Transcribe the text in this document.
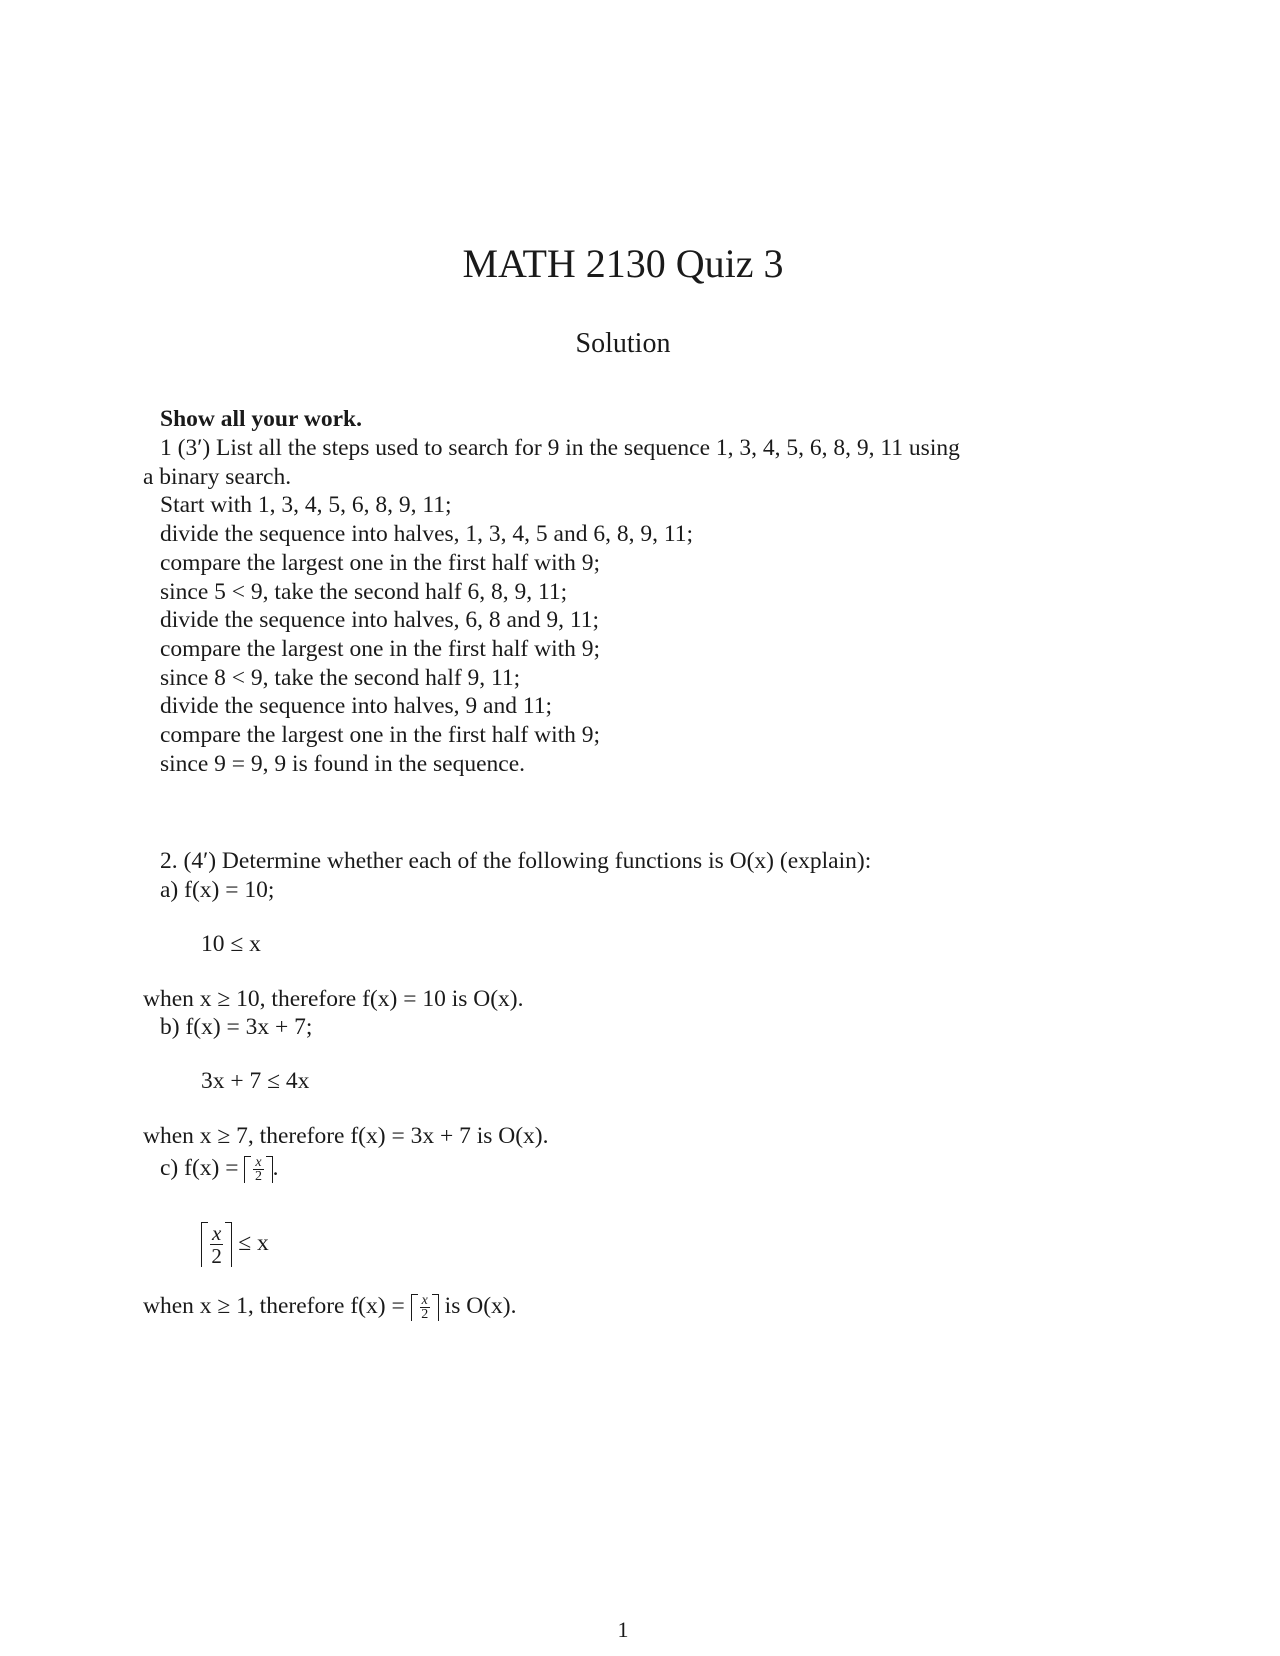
MATH 2130 Quiz 3
Solution
Show all your work.
1 (3′) List all the steps used to search for 9 in the sequence 1, 3, 4, 5, 6, 8, 9, 11 using
a binary search.
Start with 1, 3, 4, 5, 6, 8, 9, 11;
divide the sequence into halves, 1, 3, 4, 5 and 6, 8, 9, 11;
compare the largest one in the first half with 9;
since 5 < 9, take the second half 6, 8, 9, 11;
divide the sequence into halves, 6, 8 and 9, 11;
compare the largest one in the first half with 9;
since 8 < 9, take the second half 9, 11;
divide the sequence into halves, 9 and 11;
compare the largest one in the first half with 9;
since 9 = 9, 9 is found in the sequence.
2. (4′) Determine whether each of the following functions is O(x) (explain):
a) f(x) = 10;
10 ≤ x
when x ≥ 10, therefore f(x) = 10 is O(x).
b) f(x) = 3x + 7;
3x + 7 ≤ 4x
when x ≥ 7, therefore f(x) = 3x + 7 is O(x).
c) $f(x) = \frac{x}{2}$ .
$\frac{x}{2} \le x$
when x ≥ 1, therefore $f(x) = \frac{x}{2}$ is O(x).
1
